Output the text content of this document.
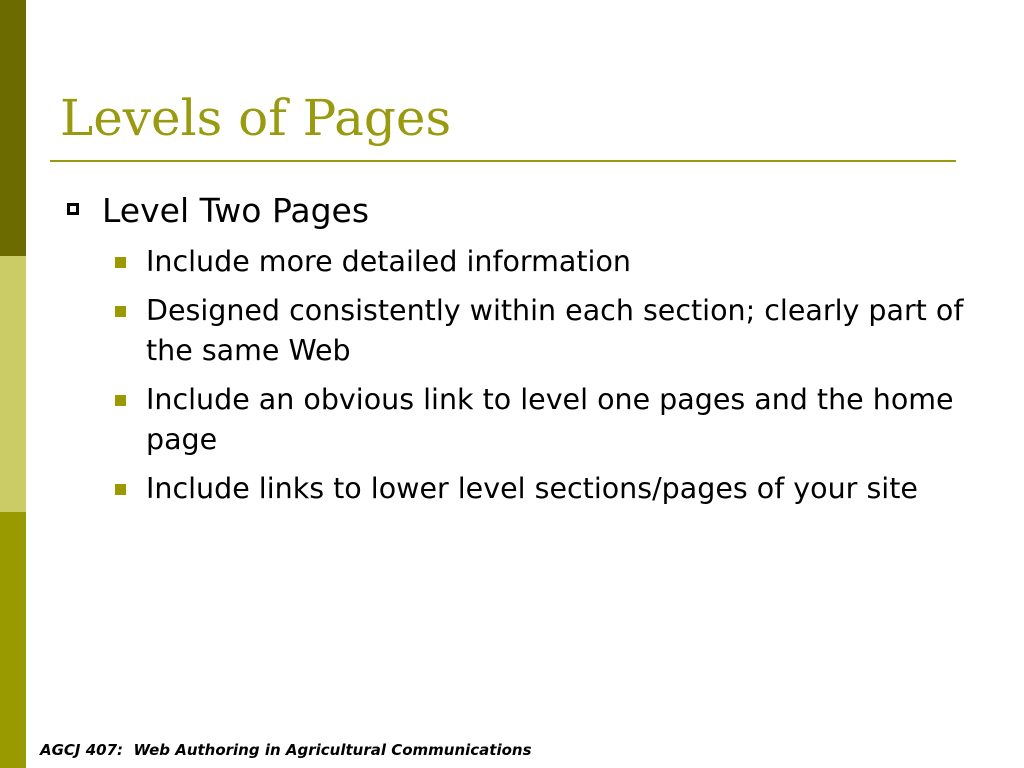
Levels of Pages
Level Two Pages
Include more detailed information
Designed consistently within each section; clearly part of the same Web
Include an obvious link to level one pages and the home page
Include links to lower level sections/pages of your site
AGCJ 407:  Web Authoring in Agricultural Communications
